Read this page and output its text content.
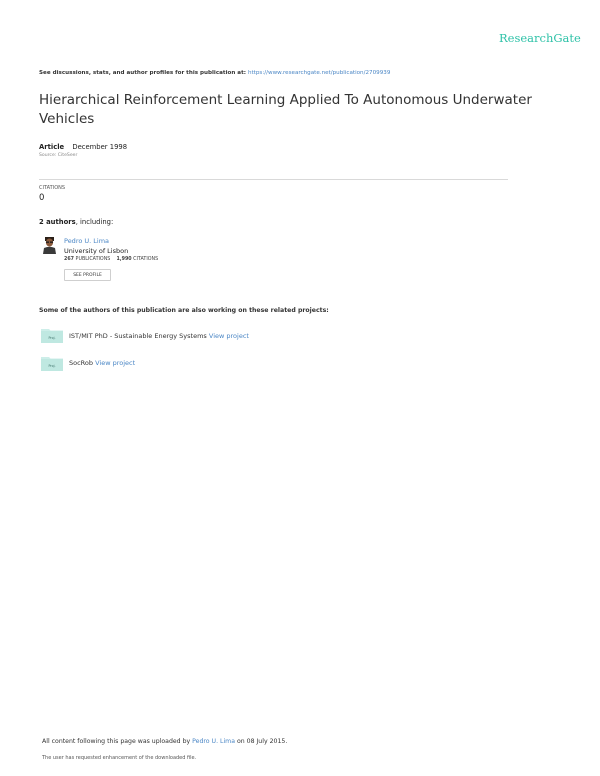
ResearchGate
See discussions, stats, and author profiles for this publication at: https://www.researchgate.net/publication/2709939
Hierarchical Reinforcement Learning Applied To Autonomous Underwater Vehicles
Article December 1998
Source: CiteSeer
CITATIONS
0
2 authors, including:
Pedro U. Lima
University of Lisbon
267 PUBLICATIONS 1,990 CITATIONS
SEE PROFILE
Some of the authors of this publication are also working on these related projects:
Proj. IST/MIT PhD - Sustainable Energy Systems View project
Proj. SocRob View project
All content following this page was uploaded by Pedro U. Lima on 08 July 2015.
The user has requested enhancement of the downloaded file.
